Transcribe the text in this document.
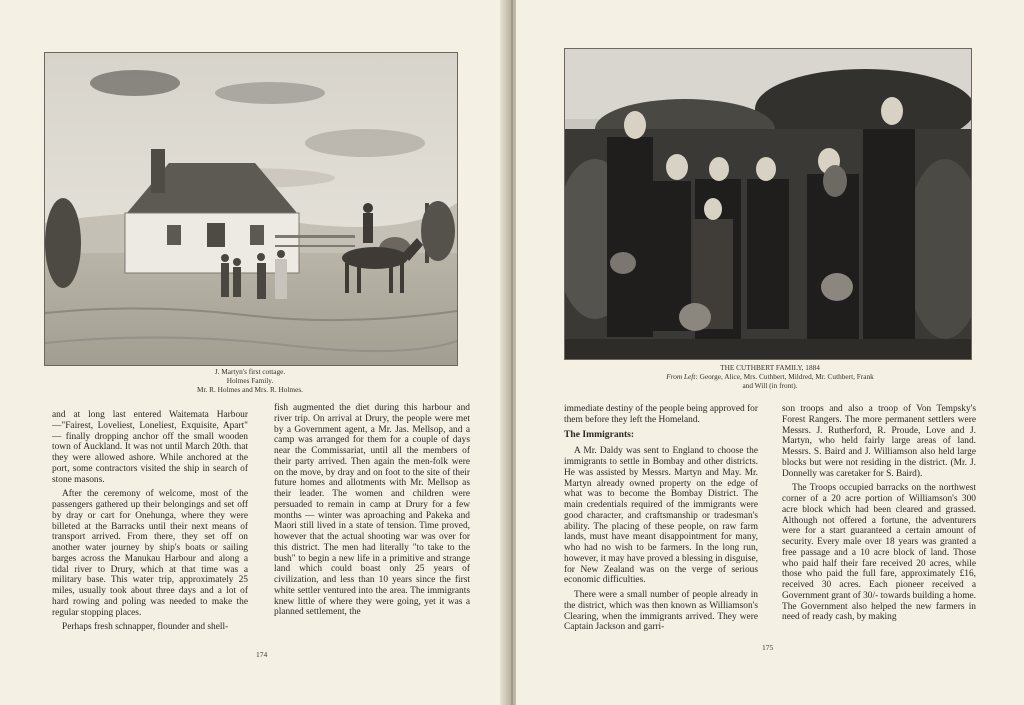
J. Martyn's first cottage.
Holmes Family.
Mr. R. Holmes and Mrs. R. Holmes.

and at long last entered Waitemata Harbour—"Fairest, Loveliest, Loneliest, Exquisite, Apart" — finally dropping anchor off the small wooden town of Auckland. It was not until March 20th. that they were allowed ashore. While anchored at the port, some contractors visited the ship in search of stone masons.

After the ceremony of welcome, most of the passengers gathered up their belongings and set off by dray or cart for Onehunga, where they were billeted at the Barracks until their next means of transport arrived. From there, they set off on another water journey by ship's boats or sailing barges across the Manukau Harbour and along a tidal river to Drury, which at that time was a military base. This water trip, approximately 25 miles, usually took about three days and a lot of hard rowing and poling was needed to make the regular stopping places.

Perhaps fresh schnapper, flounder and shell-

fish augmented the diet during this harbour and river trip. On arrival at Drury, the people were met by a Government agent, a Mr. Jas. Mellsop, and a camp was arranged for them for a couple of days near the Commissariat, until all the members of their party arrived. Then again the men-folk were on the move, by dray and on foot to the site of their future homes and allotments with Mr. Mellsop as their leader. The women and children were persuaded to remain in camp at Drury for a few months — winter was aproaching and Pakeka and Maori still lived in a state of tension. Time proved, however that the actual shooting war was over for this district. The men had literally "to take to the bush" to begin a new life in a primitive and strange land which could boast only 25 years of civilization, and less than 10 years since the first white settler ventured into the area. The immigrants knew little of where they were going, yet it was a planned settlement, the

174
THE CUTHBERT FAMILY, 1884
From Left: George, Alice, Mrs. Cuthbert, Mildred, Mr. Cuthbert, Frank
and Will (in front).

immediate destiny of the people being approved for them before they left the Homeland.

The Immigrants:

A Mr. Daldy was sent to England to choose the immigrants to settle in Bombay and other districts. He was assisted by Messrs. Martyn and May. Mr. Martyn already owned property on the edge of what was to become the Bombay District. The main credentials required of the immigrants were good character, and craftsmanship or tradesman's ability. The placing of these people, on raw farm lands, must have meant disappointment for many, who had no wish to be farmers. In the long run, however, it may have proved a blessing in disguise, for New Zealand was on the verge of serious economic difficulties.

There were a small number of people already in the district, which was then known as Williamson's Clearing, when the immigrants arrived. They were Captain Jackson and garri-

son troops and also a troop of Von Tempsky's Forest Rangers. The more permanent settlers were Messrs. J. Rutherford, R. Proude, Love and J. Martyn, who held fairly large areas of land. Messrs. S. Baird and J. Williamson also held large blocks but were not residing in the district. (Mr. J. Donnelly was caretaker for S. Baird).

The Troops occupied barracks on the northwest corner of a 20 acre portion of Williamson's 300 acre block which had been cleared and grassed. Although not offered a fortune, the adventurers were for a start guaranteed a certain amount of security. Every male over 18 years was granted a free passage and a 10 acre block of land. Those who paid half their fare received 20 acres, while those who paid the full fare, approximately £16, received 30 acres. Each pioneer received a Government grant of 30/- towards building a home. The Government also helped the new farmers in need of ready cash, by making

175
